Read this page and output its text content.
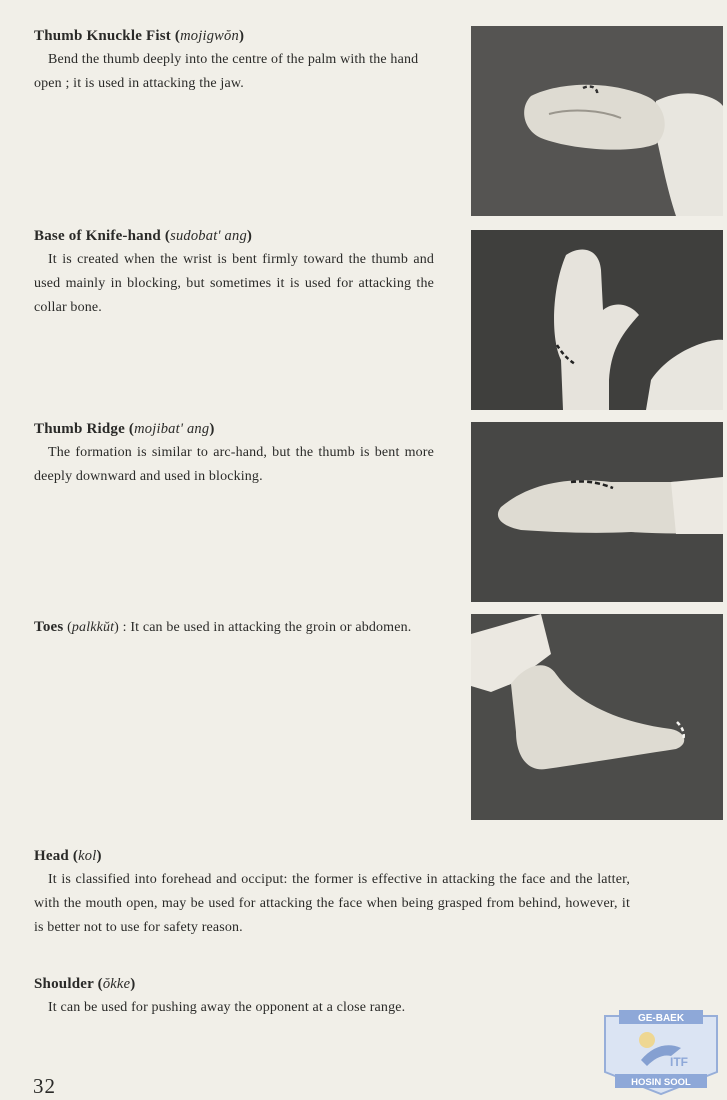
Thumb Knuckle Fist (mojigwŏn)

Bend the thumb deeply into the centre of the palm with the hand open ; it is used in attacking the jaw.

Base of Knife-hand (sudobat' ang)

It is created when the wrist is bent firmly toward the thumb and used mainly in blocking, but sometimes it is used for attacking the collar bone.

Thumb Ridge (mojibat' ang)

The formation is similar to arc-hand, but the thumb is bent more deeply downward and used in blocking.

Toes (palkkŭt) : It can be used in attacking the groin or abdomen.

Head (kol)

It is classified into forehead and occiput: the former is effective in attacking the face and the latter, with the mouth open, may be used for attacking the face when being grasped from behind, however, it is better not to use for safety reason.

Shoulder (ŏkke)

It can be used for pushing away the opponent at a close range.

32

GE-BAEK
ITF
HOSIN SOOL
